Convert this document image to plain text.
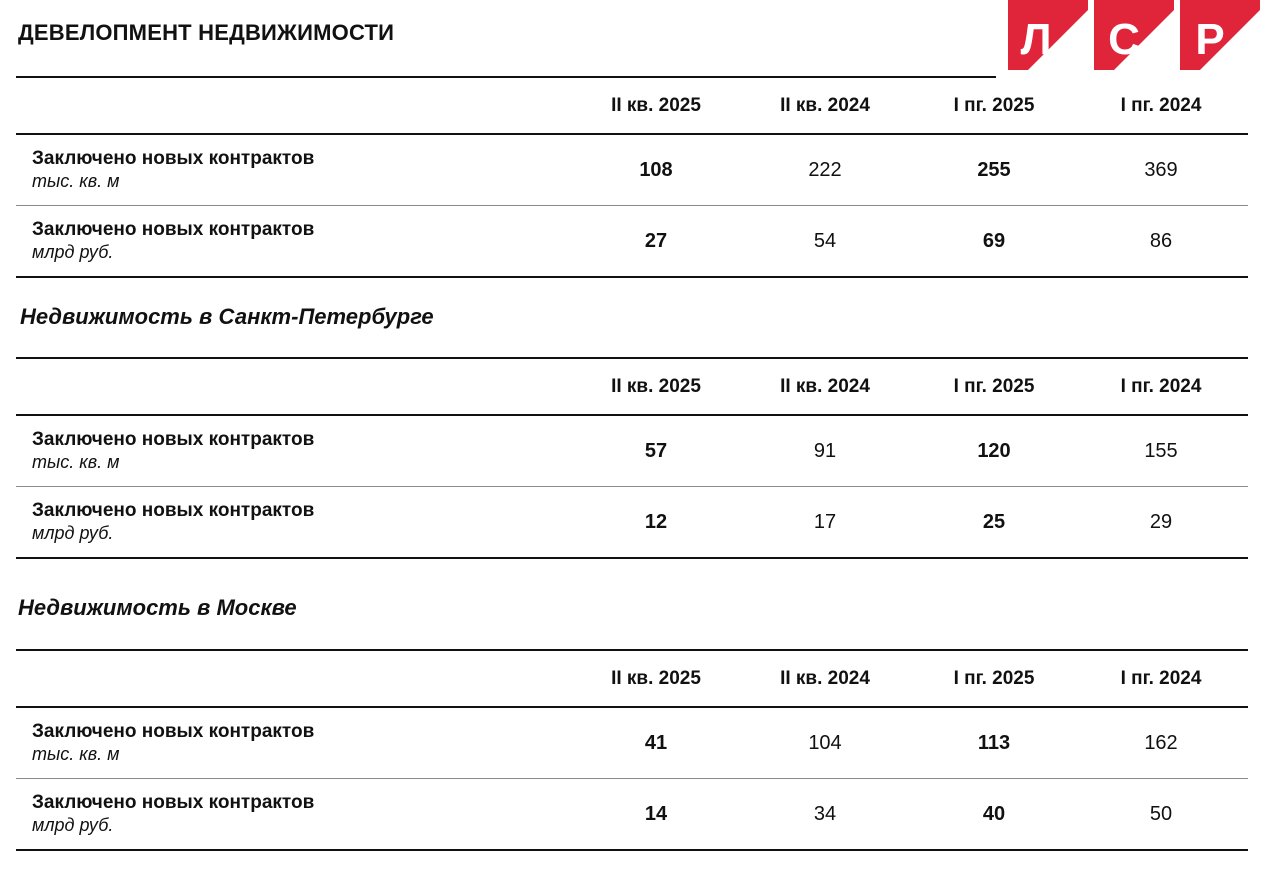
ДЕВЕЛОПМЕНТ НЕДВИЖИМОСТИ	Л С Р
	II кв. 2025	II кв. 2024	I пг. 2025	I пг. 2024

Заключено новых контрактов
тыс. кв. м	108	222	255	369

Заключено новых контрактов
млрд руб.	27	54	69	86
Недвижимость в Санкт-Петербурге
	II кв. 2025	II кв. 2024	I пг. 2025	I пг. 2024

Заключено новых контрактов
тыс. кв. м	57	91	120	155

Заключено новых контрактов
млрд руб.	12	17	25	29
Недвижимость в Москве
	II кв. 2025	II кв. 2024	I пг. 2025	I пг. 2024

Заключено новых контрактов
тыс. кв. м	41	104	113	162

Заключено новых контрактов
млрд руб.	14	34	40	50
